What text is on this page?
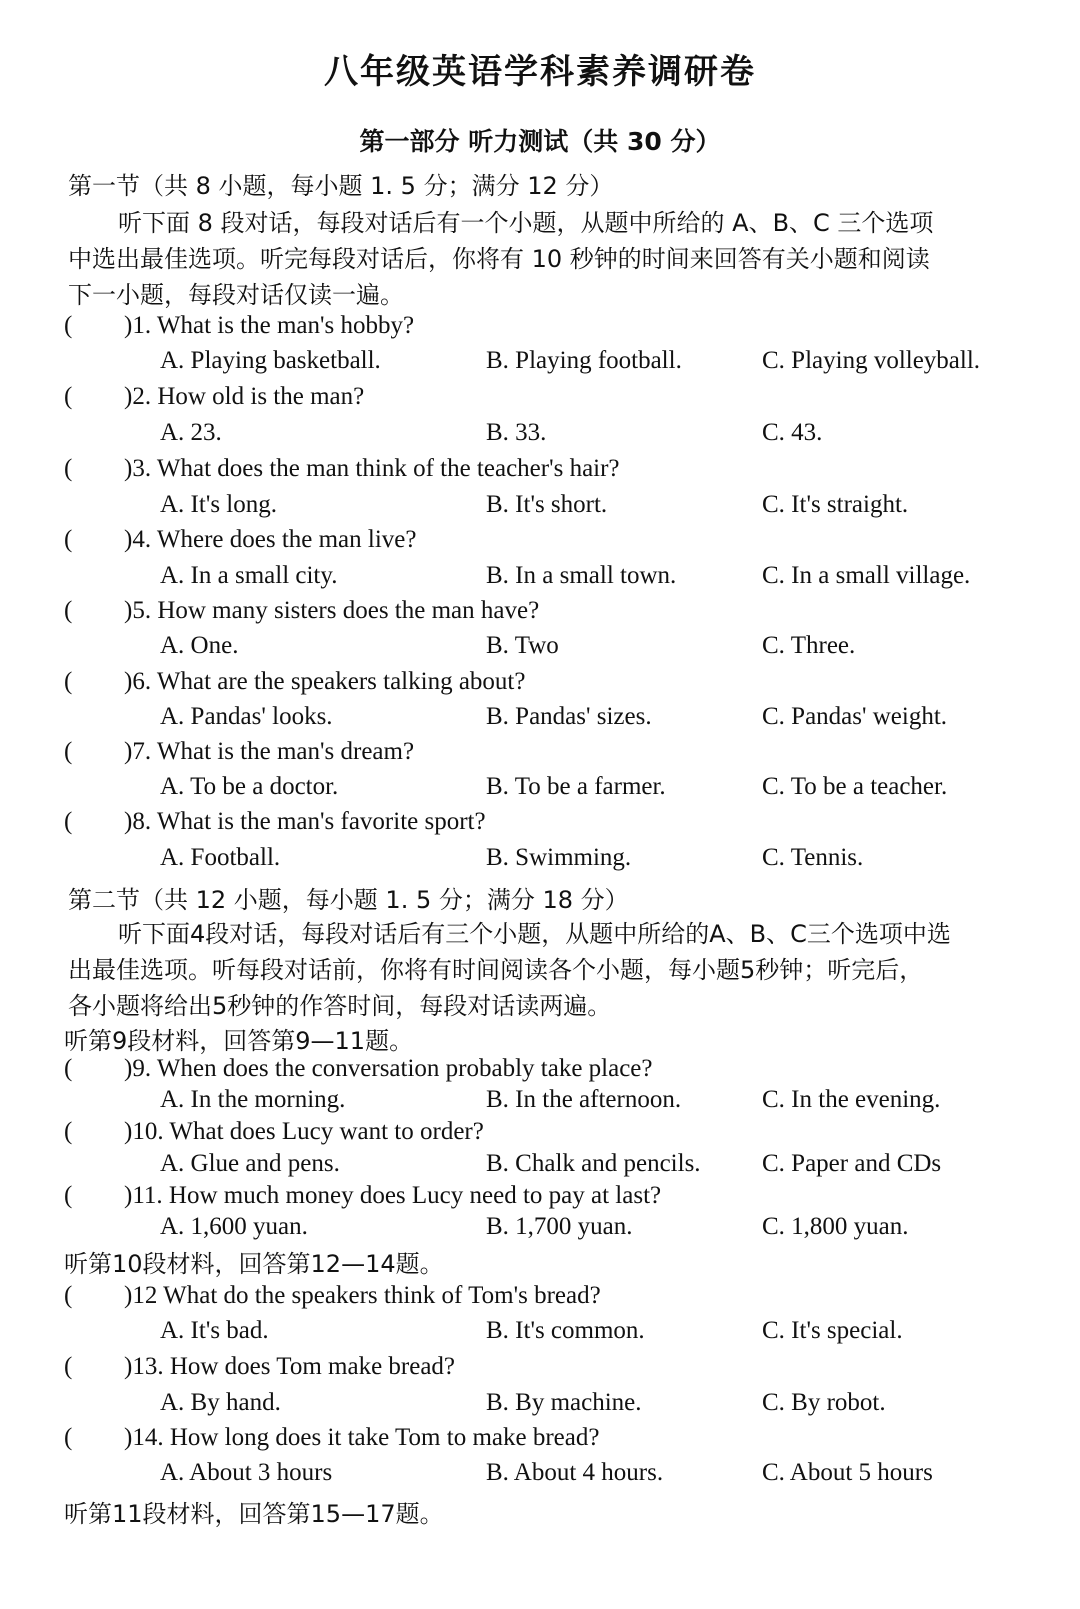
八年级英语学科素养调研卷
第一部分 听力测试（共 30 分）
第一节（共 8 小题，每小题 1. 5 分；满分 12 分）
听下面 8 段对话，每段对话后有一个小题，从题中所给的 A、B、C 三个选项
中选出最佳选项。听完每段对话后，你将有 10 秒钟的时间来回答有关小题和阅读
下一小题，每段对话仅读一遍。
( )1. What is the man's hobby?
A. Playing basketball.	B. Playing football.	C. Playing volleyball.
( )2. How old is the man?
A. 23.	B. 33.	C. 43.
( )3. What does the man think of the teacher's hair?
A. It's long.	B. It's short.	C. It's straight.
( )4. Where does the man live?
A. In a small city.	B. In a small town.	C. In a small village.
( )5. How many sisters does the man have?
A. One.	B. Two	C. Three.
( )6. What are the speakers talking about?
A. Pandas' looks.	B. Pandas' sizes.	C. Pandas' weight.
( )7. What is the man's dream?
A. To be a doctor.	B. To be a farmer.	C. To be a teacher.
( )8. What is the man's favorite sport?
A. Football.	B. Swimming.	C. Tennis.
第二节（共 12 小题，每小题 1. 5 分；满分 18 分）
听下面4段对话，每段对话后有三个小题，从题中所给的A、B、C三个选项中选
出最佳选项。听每段对话前，你将有时间阅读各个小题，每小题5秒钟；听完后，
各小题将给出5秒钟的作答时间，每段对话读两遍。
听第9段材料，回答第9—11题。
( )9. When does the conversation probably take place?
A. In the morning.	B. In the afternoon.	C. In the evening.
( )10. What does Lucy want to order?
A. Glue and pens.	B. Chalk and pencils. C. Paper and CDs
( )11. How much money does Lucy need to pay at last?
A. 1,600 yuan.	B. 1,700 yuan.	C. 1,800 yuan.
听第10段材料，回答第12—14题。
( )12 What do the speakers think of Tom's bread?
A. It's bad.	B. It's common.	C. It's special.
( )13. How does Tom make bread?
A. By hand.	B. By machine.	C. By robot.
( )14. How long does it take Tom to make bread?
A. About 3 hours	B. About 4 hours.	C. About 5 hours
听第11段材料，回答第15—17题。
